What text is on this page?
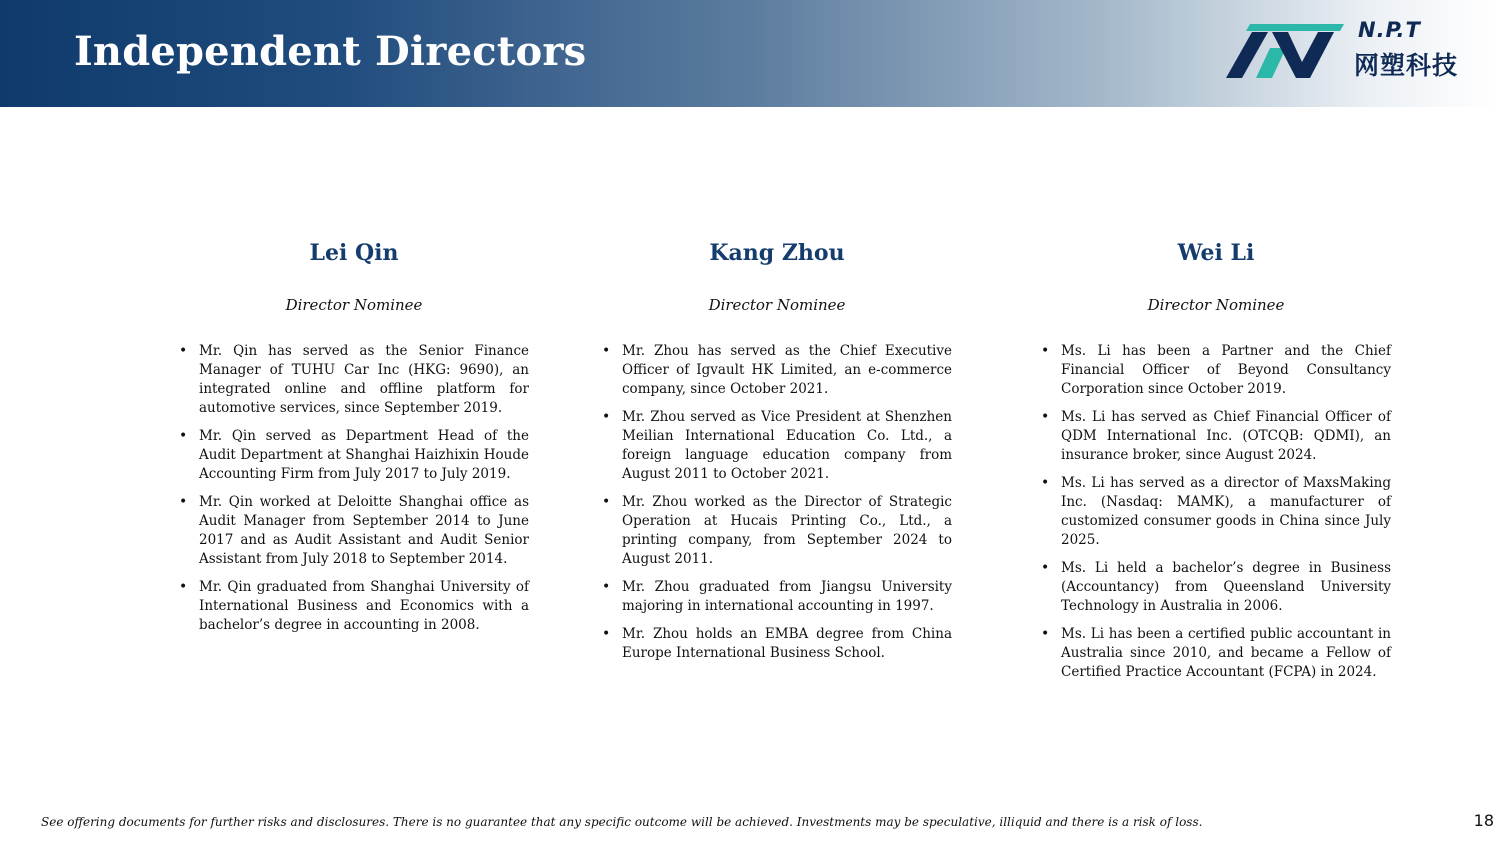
Independent Directors	N.P.T
网塑科技
Lei Qin
Director Nominee
• Mr. Qin has served as the Senior Finance Manager of TUHU Car Inc (HKG: 9690), an integrated online and offline platform for automotive services, since September 2019.
• Mr. Qin served as Department Head of the Audit Department at Shanghai Haizhixin Houde Accounting Firm from July 2017 to July 2019.
• Mr. Qin worked at Deloitte Shanghai office as Audit Manager from September 2014 to June 2017 and as Audit Assistant and Audit Senior Assistant from July 2018 to September 2014.
• Mr. Qin graduated from Shanghai University of International Business and Economics with a bachelor’s degree in accounting in 2008.
Kang Zhou
Director Nominee
• Mr. Zhou has served as the Chief Executive Officer of Igvault HK Limited, an e-commerce company, since October 2021.
• Mr. Zhou served as Vice President at Shenzhen Meilian International Education Co. Ltd., a foreign language education company from August 2011 to October 2021.
• Mr. Zhou worked as the Director of Strategic Operation at Hucais Printing Co., Ltd., a printing company, from September 2024 to August 2011.
• Mr. Zhou graduated from Jiangsu University majoring in international accounting in 1997.
• Mr. Zhou holds an EMBA degree from China Europe International Business School.
Wei Li
Director Nominee
• Ms. Li has been a Partner and the Chief Financial Officer of Beyond Consultancy Corporation since October 2019.
• Ms. Li has served as Chief Financial Officer of QDM International Inc. (OTCQB: QDMI), an insurance broker, since August 2024.
• Ms. Li has served as a director of MaxsMaking Inc. (Nasdaq: MAMK), a manufacturer of customized consumer goods in China since July 2025.
• Ms. Li held a bachelor’s degree in Business (Accountancy) from Queensland University Technology in Australia in 2006.
• Ms. Li has been a certified public accountant in Australia since 2010, and became a Fellow of Certified Practice Accountant (FCPA) in 2024.
See offering documents for further risks and disclosures. There is no guarantee that any specific outcome will be achieved. Investments may be speculative, illiquid and there is a risk of loss.	18
